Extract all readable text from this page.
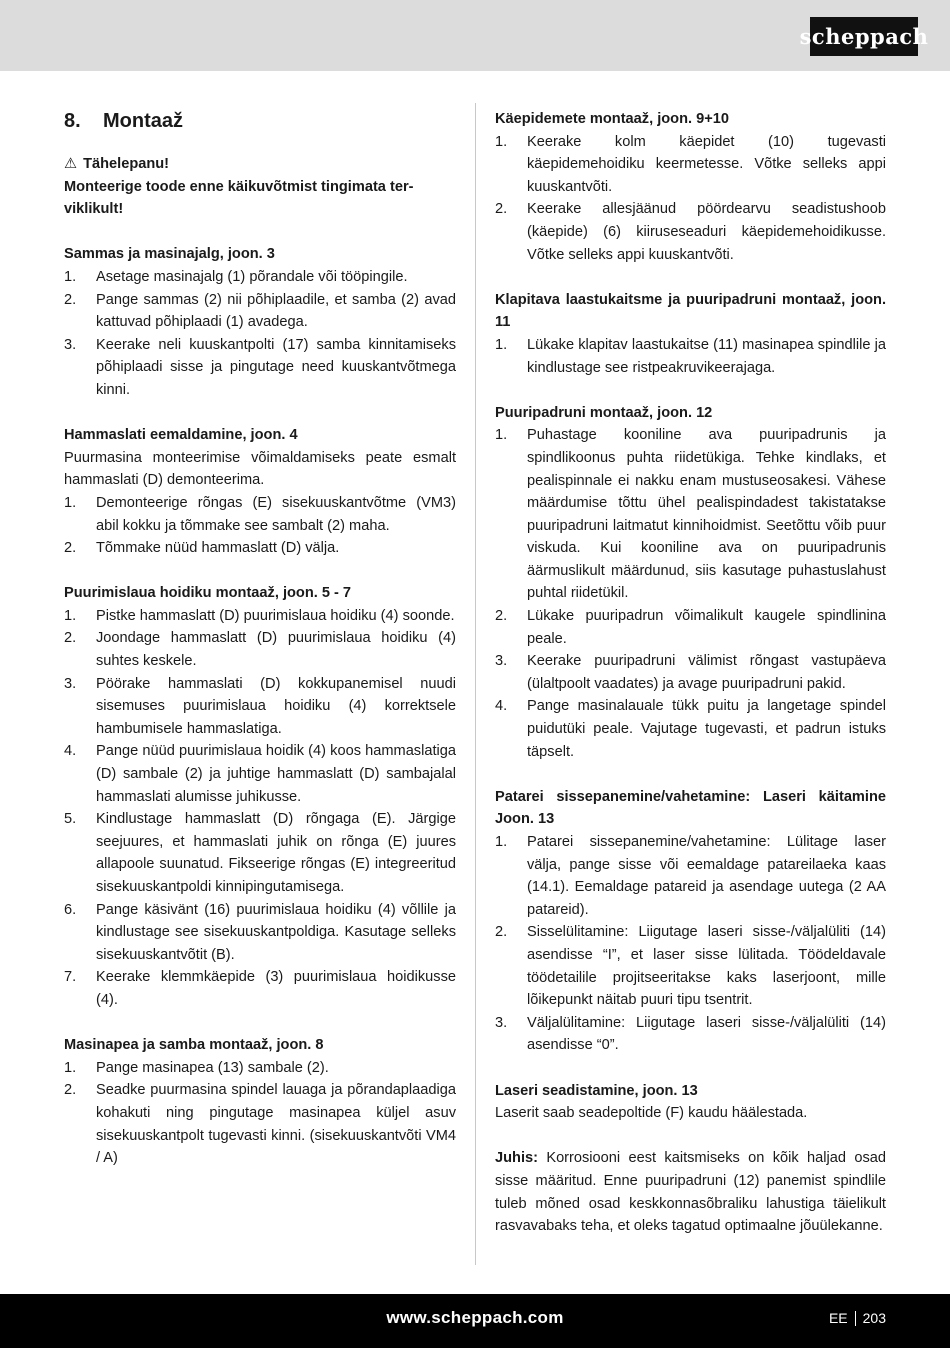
scheppach
8.	Montaaž

⚠ Tähelepanu!

Monteerige toode enne käikuvõtmist tingimata ter-
viklikult!

Sammas ja masinajalg, joon. 3

1.	Asetage masinajalg (1) põrandale või tööpingile.
2.	Pange sammas (2) nii põhiplaadile, et samba (2) avad kattuvad põhiplaadi (1) avadega.
3.	Keerake neli kuuskantpolti (17) samba kinnitamiseks põhiplaadi sisse ja pingutage need kuuskantvõtmega kinni.

Hammaslati eemaldamine, joon. 4

Puurmasina monteerimise võimaldamiseks peate esmalt hammaslati (D) demonteerima.

1.	Demonteerige rõngas (E) sisekuuskantvõtme (VM3) abil kokku ja tõmmake see sambalt (2) maha.
2.	Tõmmake nüüd hammaslatt (D) välja.

Puurimislaua hoidiku montaaž, joon. 5 - 7

1.	Pistke hammaslatt (D) puurimislaua hoidiku (4) soonde.
2.	Joondage hammaslatt (D) puurimislaua hoidiku (4) suhtes keskele.
3.	Pöörake hammaslati (D) kokkupanemisel nuudi sisemuses puurimislaua hoidiku (4) korrektsele hambumisele hammaslatiga.
4.	Pange nüüd puurimislaua hoidik (4) koos hammaslatiga (D) sambale (2) ja juhtige hammaslatt (D) sambajalal hammaslati alumisse juhikusse.
5.	Kindlustage hammaslatt (D) rõngaga (E). Järgige seejuures, et hammaslati juhik on rõnga (E) juures allapoole suunatud. Fikseerige rõngas (E) integreeritud sisekuuskantpoldi kinnipingutamisega.
6.	Pange käsivänt (16) puurimislaua hoidiku (4) võllile ja kindlustage see sisekuuskantpoldiga. Kasutage selleks sisekuuskantvõtit (B).
7.	Keerake klemmkäepide (3) puurimislaua hoidikusse (4).

Masinapea ja samba montaaž, joon. 8

1.	Pange masinapea (13) sambale (2).
2.	Seadke puurmasina spindel lauaga ja põrandaplaadiga kohakuti ning pingutage masinapea küljel asuv sisekuuskantpolt tugevasti kinni. (sisekuuskantvõti VM4 / A)

Käepidemete montaaž, joon. 9+10

1.	Keerake kolm käepidet (10) tugevasti käepidemehoidiku keermetesse. Võtke selleks appi kuuskantvõti.
2.	Keerake allesjäänud pöördearvu seadistushoob (käepide) (6) kiiruseseaduri käepidemehoidikusse. Võtke selleks appi kuuskantvõti.

Klapitava laastukaitsme ja puuripadruni montaaž, joon. 11

1.	Lükake klapitav laastukaitse (11) masinapea spindlile ja kindlustage see ristpeakruvikeerajaga.

Puuripadruni montaaž, joon. 12

1.	Puhastage kooniline ava puuripadrunis ja spindlikoonus puhta riidetükiga. Tehke kindlaks, et pealispinnale ei nakku enam mustuseosakesi. Vähese määrdumise tõttu ühel pealispindadest takistatakse puuripadruni laitmatut kinnihoidmist. Seetõttu võib puur viskuda. Kui kooniline ava on puuripadrunis äärmuslikult määrdunud, siis kasutage puhastuslahust puhtal riidetükil.
2.	Lükake puuripadrun võimalikult kaugele spindlinina peale.
3.	Keerake puuripadruni välimist rõngast vastupäeva (ülaltpoolt vaadates) ja avage puuripadruni pakid.
4.	Pange masinalauale tükk puitu ja langetage spindel puidutüki peale. Vajutage tugevasti, et padrun istuks täpselt.

Patarei sissepanemine/vahetamine: Laseri käitamine Joon. 13

1.	Patarei sissepanemine/vahetamine: Lülitage laser välja, pange sisse või eemaldage patareilaeka kaas (14.1). Eemaldage patareid ja asendage uutega (2 AA patareid).
2.	Sisselülitamine: Liigutage laseri sisse-/väljalüliti (14) asendisse “I”, et laser sisse lülitada. Töödeldavale töödetailile projitseeritakse kaks laserjoont, mille lõikepunkt näitab puuri tipu tsentrit.
3.	Väljalülitamine: Liigutage laseri sisse-/väljalüliti (14) asendisse “0”.

Laseri seadistamine, joon. 13

Laserit saab seadepoltide (F) kaudu häälestada.

Juhis: Korrosiooni eest kaitsmiseks on kõik haljad osad sisse määritud. Enne puuripadruni (12) panemist spindlile tuleb mõned osad keskkonnasõbraliku lahustiga täielikult rasvavabaks teha, et oleks tagatud optimaalne jõuülekanne.

www.scheppach.com	EE 203
